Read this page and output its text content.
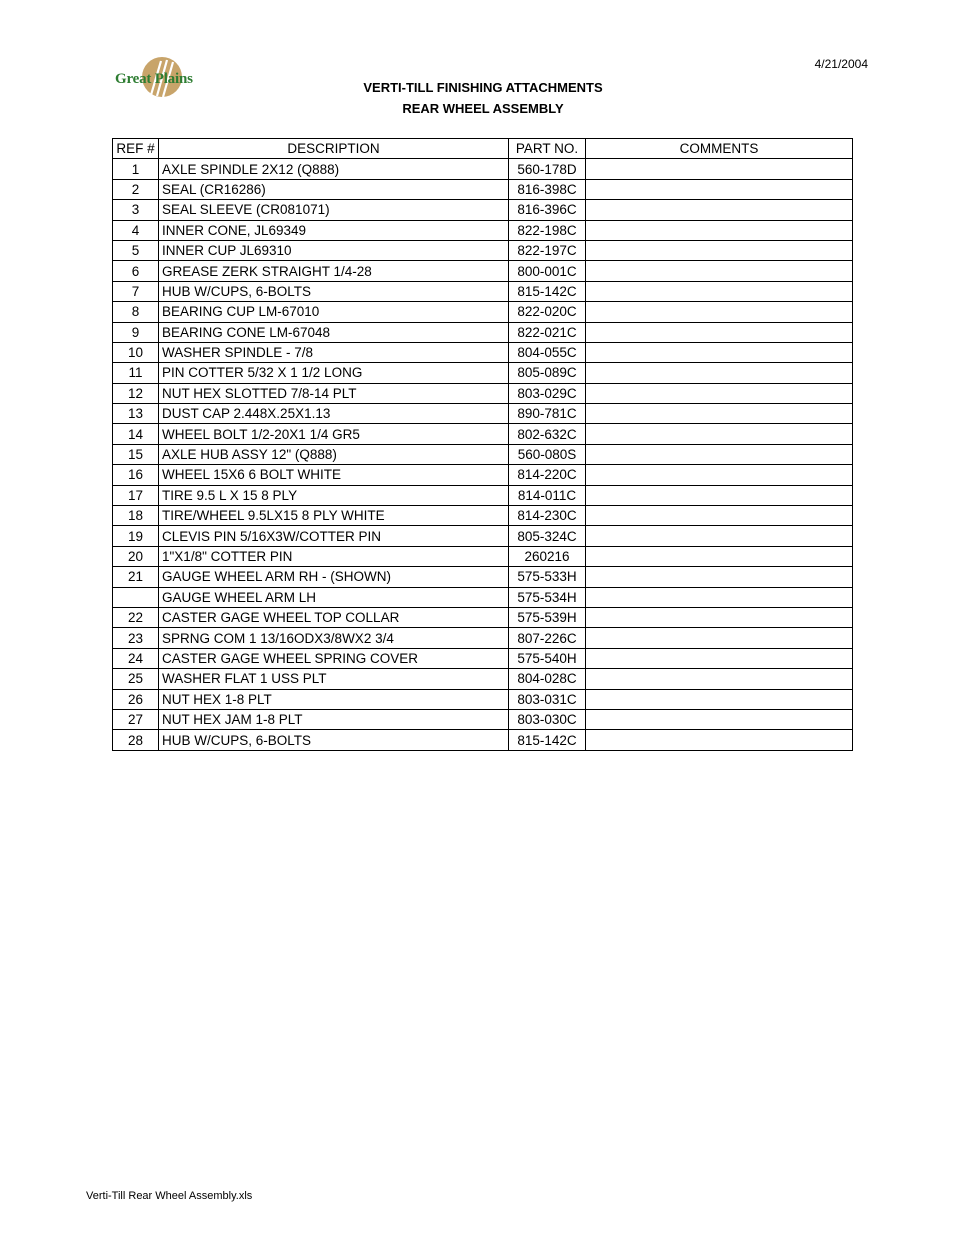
4/21/2004
Great Plains
VERTI-TILL FINISHING ATTACHMENTS
REAR WHEEL ASSEMBLY
REF #	DESCRIPTION	PART NO.	COMMENTS
1	AXLE SPINDLE 2X12 (Q888)	560-178D	
2	SEAL (CR16286)	816-398C	
3	SEAL SLEEVE (CR081071)	816-396C	
4	INNER CONE, JL69349	822-198C	
5	INNER CUP JL69310	822-197C	
6	GREASE ZERK STRAIGHT 1/4-28	800-001C	
7	HUB W/CUPS, 6-BOLTS	815-142C	
8	BEARING CUP LM-67010	822-020C	
9	BEARING CONE LM-67048	822-021C	
10	WASHER SPINDLE - 7/8	804-055C	
11	PIN COTTER 5/32 X 1 1/2 LONG	805-089C	
12	NUT HEX SLOTTED 7/8-14 PLT	803-029C	
13	DUST CAP 2.448X.25X1.13	890-781C	
14	WHEEL BOLT 1/2-20X1 1/4 GR5	802-632C	
15	AXLE HUB ASSY 12" (Q888)	560-080S	
16	WHEEL 15X6 6 BOLT WHITE	814-220C	
17	TIRE 9.5 L X 15 8 PLY	814-011C	
18	TIRE/WHEEL 9.5LX15 8 PLY WHITE	814-230C	
19	CLEVIS PIN 5/16X3W/COTTER PIN	805-324C	
20	1"X1/8" COTTER PIN	260216	
21	GAUGE WHEEL ARM RH - (SHOWN)	575-533H	
	GAUGE WHEEL ARM LH	575-534H	
22	CASTER GAGE WHEEL TOP COLLAR	575-539H	
23	SPRNG COM 1 13/16ODX3/8WX2 3/4	807-226C	
24	CASTER GAGE WHEEL SPRING COVER	575-540H	
25	WASHER FLAT 1 USS PLT	804-028C	
26	NUT HEX 1-8 PLT	803-031C	
27	NUT HEX JAM 1-8 PLT	803-030C	
28	HUB W/CUPS, 6-BOLTS	815-142C	
Verti-Till Rear Wheel Assembly.xls
